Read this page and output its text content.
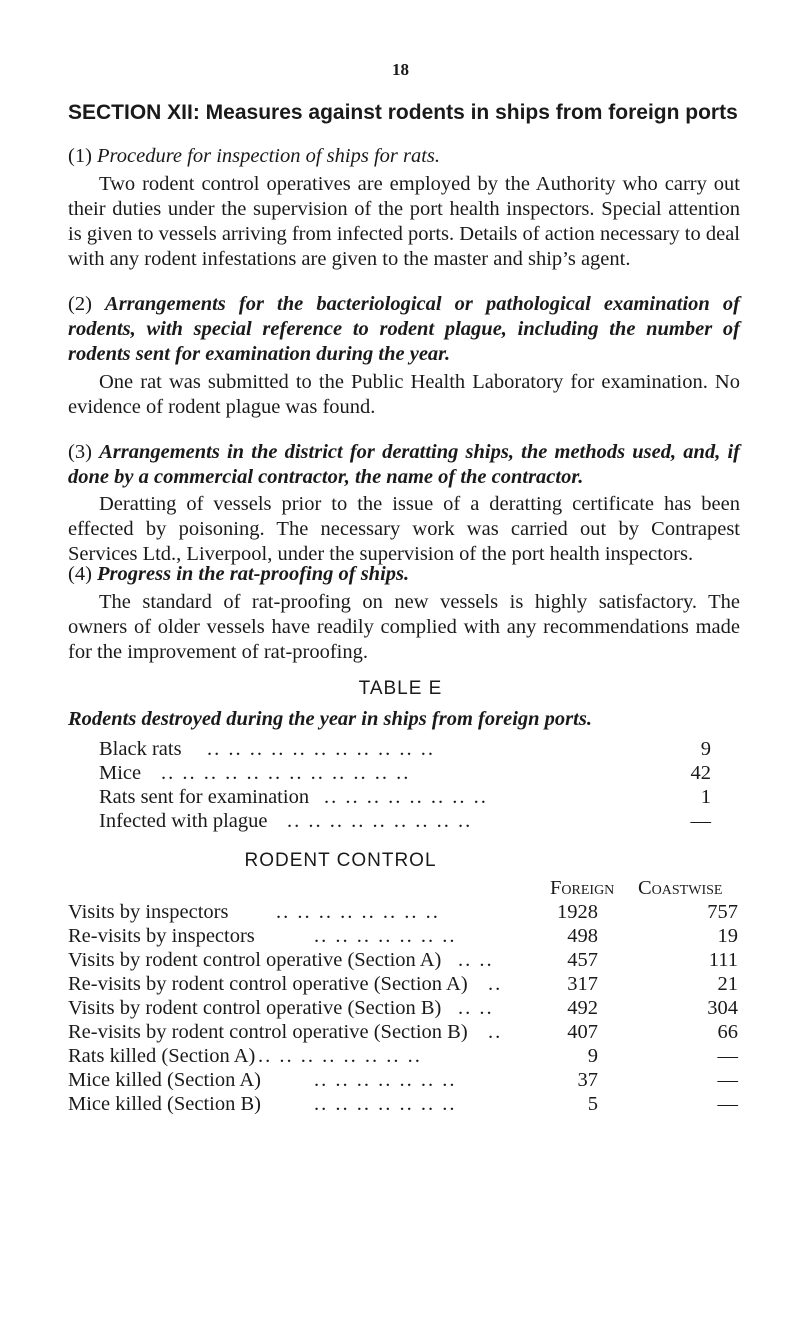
18
SECTION XII: Measures against rodents in ships from foreign ports
(1) Procedure for inspection of ships for rats.
Two rodent control operatives are employed by the Authority who carry out their duties under the supervision of the port health inspectors. Special attention is given to vessels arriving from infected ports. Details of action necessary to deal with any rodent infestations are given to the master and ship’s agent.
(2) Arrangements for the bacteriological or pathological examination of rodents, with special reference to rodent plague, including the number of rodents sent for examination during the year.
One rat was submitted to the Public Health Laboratory for examination. No evidence of rodent plague was found.
(3) Arrangements in the district for deratting ships, the methods used, and, if done by a commercial contractor, the name of the contractor.
Deratting of vessels prior to the issue of a deratting certificate has been effected by poisoning. The necessary work was carried out by Contrapest Services Ltd., Liverpool, under the supervision of the port health inspectors.
(4) Progress in the rat-proofing of ships.
The standard of rat-proofing on new vessels is highly satisfactory. The owners of older vessels have readily complied with any recommendations made for the improvement of rat-proofing.
TABLE E
Rodents destroyed during the year in ships from foreign ports.
Black rats .. .. .. .. .. .. .. .. .. .. ..	9
Mice .. .. .. .. .. .. .. .. .. .. .. ..	42
Rats sent for examination .. .. .. .. .. .. .. ..	1
Infected with plague .. .. .. .. .. .. .. .. ..	—
RODENT CONTROL
Foreign Coastwise
Visits by inspectors .. .. .. .. .. .. .. ..	1928	757
Re-visits by inspectors	.. .. .. .. .. .. ..	498	19
Visits by rodent control operative (Section A) .. ..	457	111
Re-visits by rodent control operative (Section A) ..	317	21
Visits by rodent control operative (Section B) .. ..	492	304
Re-visits by rodent control operative (Section B) ..	407	66
Rats killed (Section A) .. .. .. .. .. .. .. ..	9	—
Mice killed (Section A)	.. .. .. .. .. .. ..	37	—
Mice killed (Section B)	.. .. .. .. .. .. ..	5	—
